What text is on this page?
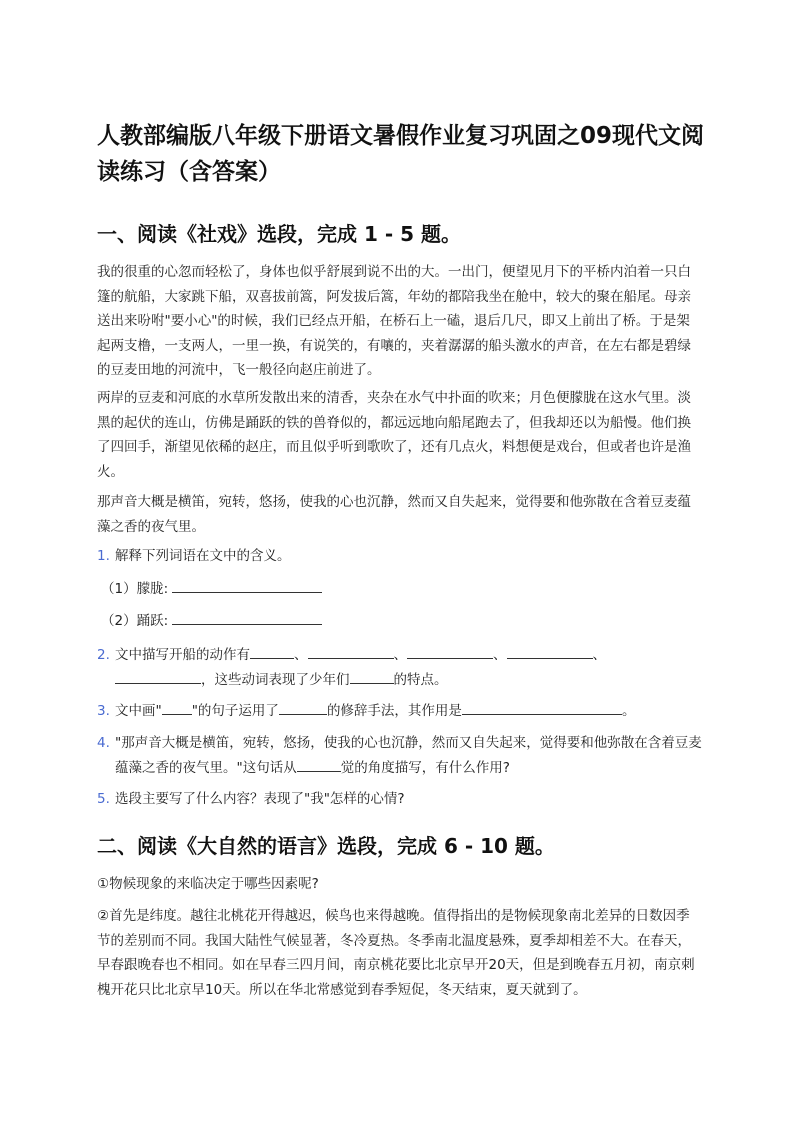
人教部编版八年级下册语文暑假作业复习巩固之09现代文阅读练习（含答案）
一、阅读《社戏》选段，完成 1 - 5 题。

我的很重的心忽而轻松了，身体也似乎舒展到说不出的大。一出门，便望见月下的平桥内泊着一只白篷的航船，大家跳下船，双喜拔前篙，阿发拔后篙，年幼的都陪我坐在舱中，较大的聚在船尾。母亲送出来吩咐"要小心"的时候，我们已经点开船，在桥石上一磕，退后几尺，即又上前出了桥。于是架起两支橹，一支两人，一里一换，有说笑的，有嚷的，夹着潺潺的船头激水的声音，在左右都是碧绿的豆麦田地的河流中，飞一般径向赵庄前进了。

两岸的豆麦和河底的水草所发散出来的清香，夹杂在水气中扑面的吹来；月色便朦胧在这水气里。淡黑的起伏的连山，仿佛是踊跃的铁的兽脊似的，都远远地向船尾跑去了，但我却还以为船慢。他们换了四回手，渐望见依稀的赵庄，而且似乎听到歌吹了，还有几点火，料想便是戏台，但或者也许是渔火。

那声音大概是横笛，宛转，悠扬，使我的心也沉静，然而又自失起来，觉得要和他弥散在含着豆麦蕴藻之香的夜气里。

1. 解释下列词语在文中的含义。
（1）朦胧:
（2）踊跃:
2. 文中描写开船的动作有	、	、	、	、
，这些动词表现了少年们	的特点。
3. 文中画" "的句子运用了	的修辞手法，其作用是	。
4. "那声音大概是横笛，宛转，悠扬，使我的心也沉静，然而又自失起来，觉得要和他弥散在含着豆麦蕴藻之香的夜气里。"这句话从	觉的角度描写，有什么作用?
5. 选段主要写了什么内容？表现了"我"怎样的心情?
二、阅读《大自然的语言》选段，完成 6 - 10 题。

①物候现象的来临决定于哪些因素呢?

②首先是纬度。越往北桃花开得越迟，候鸟也来得越晚。值得指出的是物候现象南北差异的日数因季节的差别而不同。我国大陆性气候显著，冬冷夏热。冬季南北温度悬殊，夏季却相差不大。在春天，早春跟晚春也不相同。如在早春三四月间，南京桃花要比北京早开20天，但是到晚春五月初，南京刺槐开花只比北京早10天。所以在华北常感觉到春季短促，冬天结束，夏天就到了。
